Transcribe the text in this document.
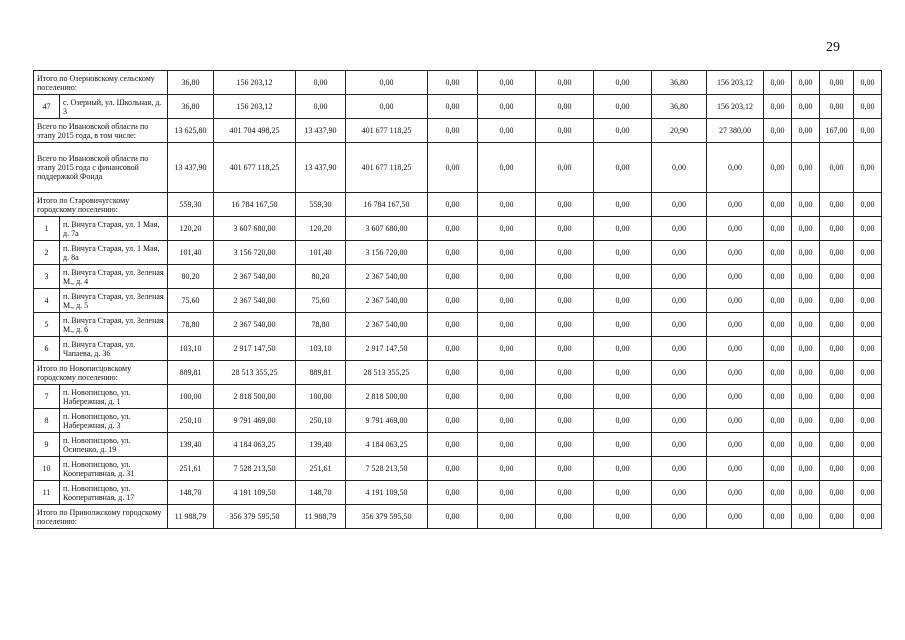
29
Итого по Озерновскому сельскому поселению:		36,80	156 203,12	0,00	0,00	0,00	0,00	0,00	0,00	36,80	156 203,12	0,00	0,00	0,00	0,00
47	с. Озерный, ул. Школьная, д. 3	36,80	156 203,12	0,00	0,00	0,00	0,00	0,00	0,00	36,80	156 203,12	0,00	0,00	0,00	0,00
Всего по Ивановской области по этапу 2015 года, в том числе:		13 625,80	401 704 498,25	13 437,90	401 677 118,25	0,00	0,00	0,00	0,00	20,90	27 380,00	0,00	0,00	167,00	0,00
Всего по Ивановской области по этапу 2015 года с финансовой поддержкой Фонда		13 437,90	401 677 118,25	13 437,90	401 677 118,25	0,00	0,00	0,00	0,00	0,00	0,00	0,00	0,00	0,00	0,00
Итого по Старовичугскому городскому поселению:		559,30	16 784 167,50	559,30	16 784 167,50	0,00	0,00	0,00	0,00	0,00	0,00	0,00	0,00	0,00	0,00
1	п. Вичуга Старая, ул. 1 Мая, д. 7а	120,20	3 607 680,00	120,20	3 607 680,00	0,00	0,00	0,00	0,00	0,00	0,00	0,00	0,00	0,00	0,00
2	п. Вичуга Старая, ул. 1 Мая, д. 8а	101,40	3 156 720,00	101,40	3 156 720,00	0,00	0,00	0,00	0,00	0,00	0,00	0,00	0,00	0,00	0,00
3	п. Вичуга Старая, ул. Зеленая М., д. 4	80,20	2 367 540,00	80,20	2 367 540,00	0,00	0,00	0,00	0,00	0,00	0,00	0,00	0,00	0,00	0,00
4	п. Вичуга Старая, ул. Зеленая М., д. 5	75,60	2 367 540,00	75,60	2 367 540,00	0,00	0,00	0,00	0,00	0,00	0,00	0,00	0,00	0,00	0,00
5	п. Вичуга Старая, ул. Зеленая М., д. 6	78,80	2 367 540,00	78,80	2 367 540,00	0,00	0,00	0,00	0,00	0,00	0,00	0,00	0,00	0,00	0,00
6	п. Вичуга Старая, ул. Чапаева, д. 36	103,10	2 917 147,50	103,10	2 917 147,50	0,00	0,00	0,00	0,00	0,00	0,00	0,00	0,00	0,00	0,00
Итого по Новописцовскому городскому поселению:		889,81	28 513 355,25	889,81	28 513 355,25	0,00	0,00	0,00	0,00	0,00	0,00	0,00	0,00	0,00	0,00
7	п. Новописцово, ул. Набережная, д. 1	100,00	2 818 500,00	100,00	2 818 500,00	0,00	0,00	0,00	0,00	0,00	0,00	0,00	0,00	0,00	0,00
8	п. Новописцово, ул. Набережная, д. 3	250,10	9 791 469,00	250,10	9 791 469,00	0,00	0,00	0,00	0,00	0,00	0,00	0,00	0,00	0,00	0,00
9	п. Новописцово, ул. Осипенко, д. 19	139,40	4 184 063,25	139,40	4 184 063,25	0,00	0,00	0,00	0,00	0,00	0,00	0,00	0,00	0,00	0,00
10	п. Новописцово, ул. Кооперативная, д. 31	251,61	7 528 213,50	251,61	7 528 213,50	0,00	0,00	0,00	0,00	0,00	0,00	0,00	0,00	0,00	0,00
11	п. Новописцово, ул. Кооперативная, д. 17	148,70	4 191 109,50	148,70	4 191 109,50	0,00	0,00	0,00	0,00	0,00	0,00	0,00	0,00	0,00	0,00
Итого по Приволжскому городскому поселению:		11 988,79	356 379 595,50	11 988,79	356 379 595,50	0,00	0,00	0,00	0,00	0,00	0,00	0,00	0,00	0,00	0,00
